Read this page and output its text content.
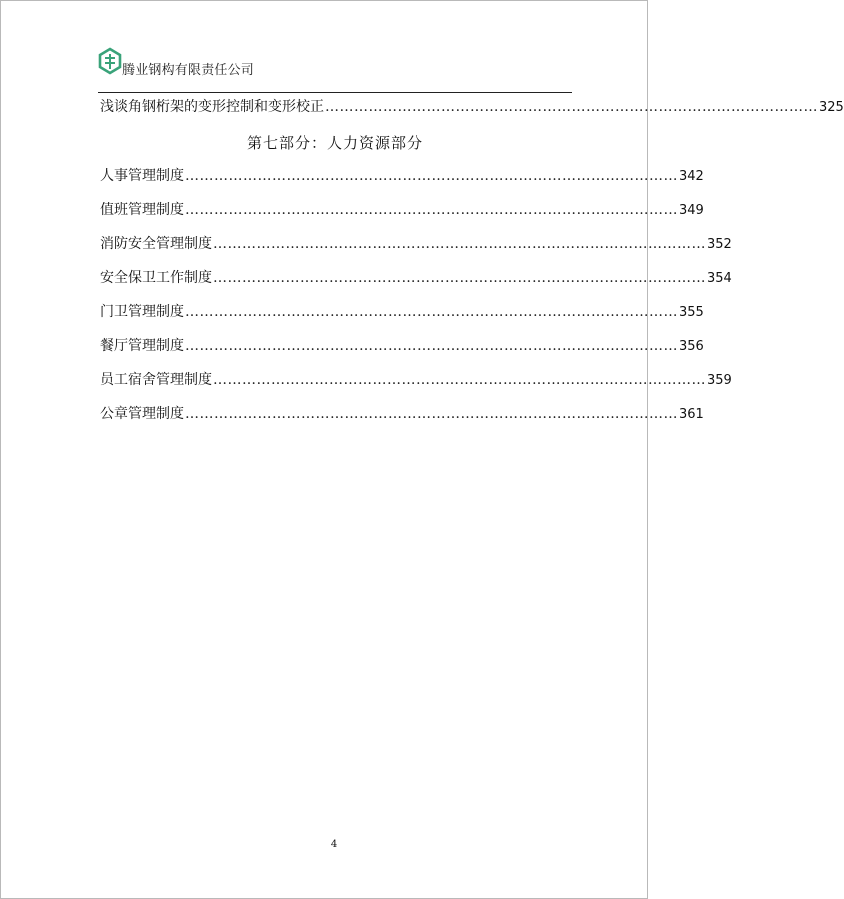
腾业钢构有限责任公司
浅谈角钢桁架的变形控制和变形校正 ………………………………………………………………………………………… 325
第七部分：人力资源部分
人事管理制度 ………………………………………………………………………………………… 342
值班管理制度 ………………………………………………………………………………………… 349
消防安全管理制度 ………………………………………………………………………………………… 352
安全保卫工作制度 ………………………………………………………………………………………… 354
门卫管理制度 ………………………………………………………………………………………… 355
餐厅管理制度 ………………………………………………………………………………………… 356
员工宿舍管理制度 ………………………………………………………………………………………… 359
公章管理制度 ………………………………………………………………………………………… 361
4
